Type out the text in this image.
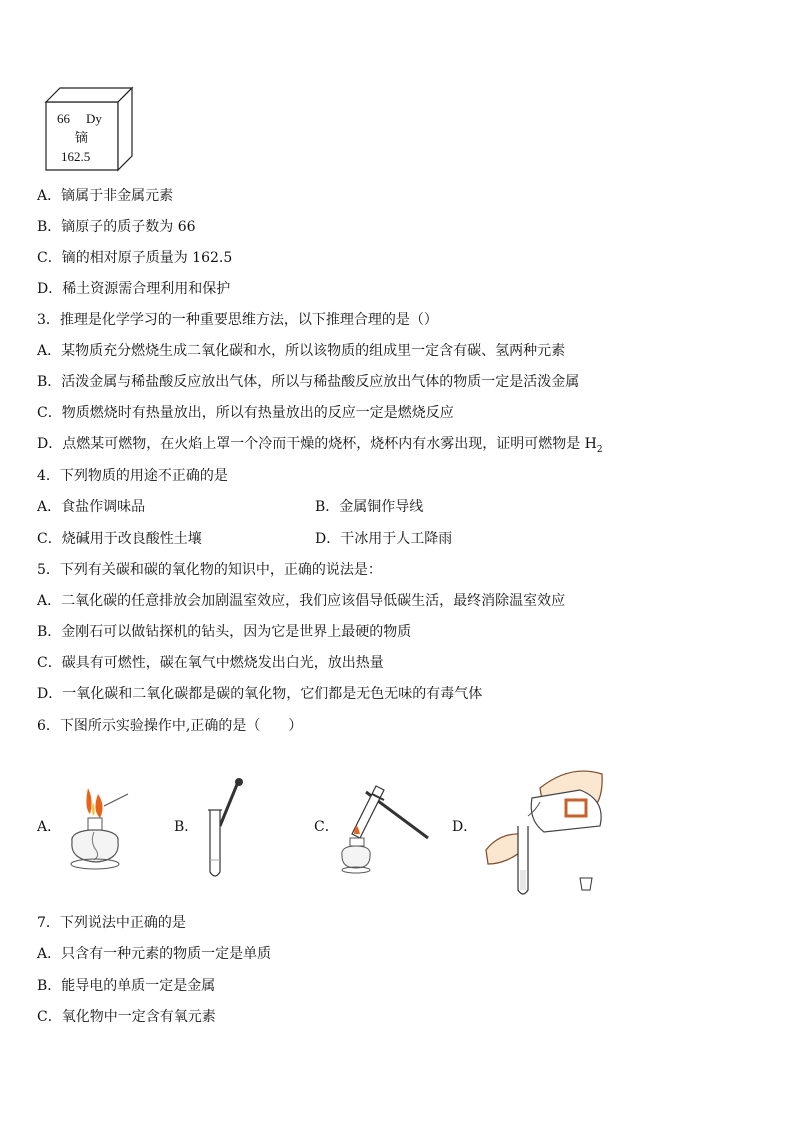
66 Dy
镝
162.5
A．镝属于非金属元素
B．镝原子的质子数为 66
C．镝的相对原子质量为 162.5
D．稀土资源需合理利用和保护
3．推理是化学学习的一种重要思维方法，以下推理合理的是（）
A．某物质充分燃烧生成二氧化碳和水，所以该物质的组成里一定含有碳、氢两种元素
B．活泼金属与稀盐酸反应放出气体，所以与稀盐酸反应放出气体的物质一定是活泼金属
C．物质燃烧时有热量放出，所以有热量放出的反应一定是燃烧反应
D．点燃某可燃物，在火焰上罩一个冷而干燥的烧杯，烧杯内有水雾出现，证明可燃物是 $H_2$
4．下列物质的用途不正确的是
A．食盐作调味品	B．金属铜作导线
C．烧碱用于改良酸性土壤	D．干冰用于人工降雨
5．下列有关碳和碳的氧化物的知识中，正确的说法是：
A．二氧化碳的任意排放会加剧温室效应，我们应该倡导低碳生活，最终消除温室效应
B．金刚石可以做钻探机的钻头，因为它是世界上最硬的物质
C．碳具有可燃性，碳在氧气中燃烧发出白光，放出热量
D．一氧化碳和二氧化碳都是碳的氧化物，它们都是无色无味的有毒气体
6．下图所示实验操作中,正确的是（　　）
A．	B．	C．	D．
7．下列说法中正确的是
A．只含有一种元素的物质一定是单质
B．能导电的单质一定是金属
C．氧化物中一定含有氧元素
